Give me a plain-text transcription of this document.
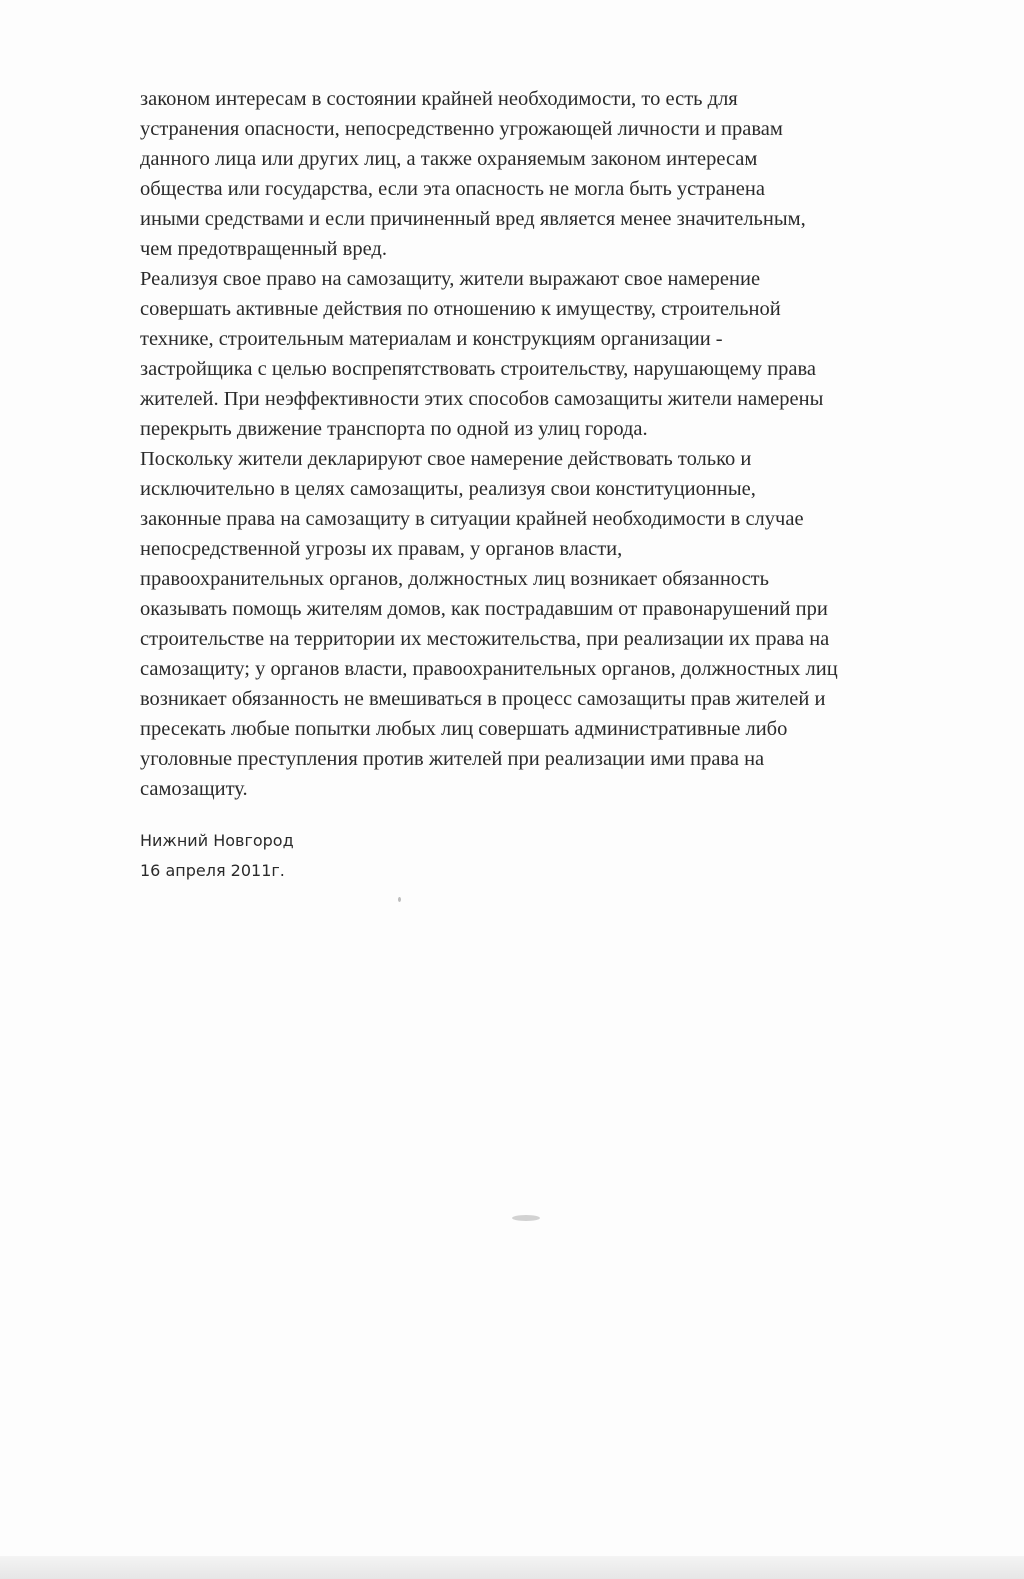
законом интересам в состоянии крайней необходимости, то есть для
устранения опасности, непосредственно угрожающей личности и правам
данного лица или других лиц, а также охраняемым законом интересам
общества или государства, если эта опасность не могла быть устранена
иными средствами и если причиненный вред является менее значительным,
чем предотвращенный вред.
Реализуя свое право на самозащиту, жители выражают свое намерение
совершать активные действия по отношению к имуществу, строительной
технике, строительным материалам и конструкциям организации -
застройщика с целью воспрепятствовать строительству, нарушающему права
жителей. При неэффективности этих способов самозащиты жители намерены
перекрыть движение транспорта по одной из улиц города.
Поскольку жители декларируют свое намерение действовать только и
исключительно в целях самозащиты, реализуя свои конституционные,
законные права на самозащиту в ситуации крайней необходимости в случае
непосредственной угрозы их правам, у органов власти,
правоохранительных органов, должностных лиц возникает обязанность
оказывать помощь жителям домов, как пострадавшим от правонарушений при
строительстве на территории их местожительства, при реализации их права на
самозащиту; у органов власти, правоохранительных органов, должностных лиц
возникает обязанность не вмешиваться в процесс самозащиты прав жителей и
пресекать любые попытки любых лиц совершать административные либо
уголовные преступления против жителей при реализации ими права на
самозащиту.
Нижний Новгород
16 апреля 2011г.
